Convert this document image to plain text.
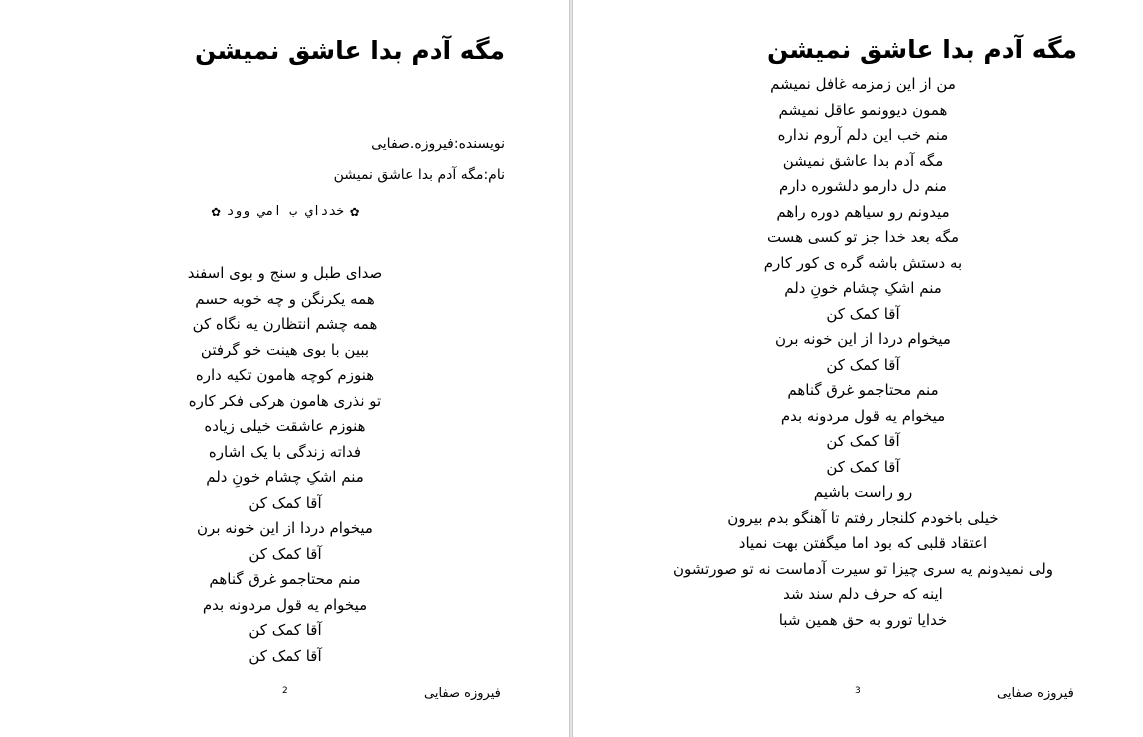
مگه آدم بدا عاشق نمیشن
نویسنده:فیروزه.صفایی
نام:مگه آدم بدا عاشق نمیشن
✿
خدداي ب امي وود
✿
صدای طبل و سنج و بوی اسفند
همه یکرنگن و چه خوبه حسم
همه چشم انتظارن یه نگاه کن
ببین با بوی هینت خو گرفتن
هنوزم کوچه هامون تکیه داره
تو نذری هامون هرکی فکر کاره
هنوزم عاشقت خیلی زیاده
فداته زندگی با یک اشاره
منم اشکِ چشام خونِ دلم
آقا کمک کن
میخوام دردا از این خونه برن
آقا کمک کن
منم محتاجمو غرق گناهم
میخوام یه قول مردونه بدم
آقا کمک کن
آقا کمک کن
فیروزه صفایی
2
مگه آدم بدا عاشق نمیشن
من از این زمزمه غافل نمیشم
همون دیوونمو عاقل نمیشم
منم خب این دلم آروم نداره
مگه آدم بدا عاشق نمیشن
منم دل دارمو دلشوره دارم
میدونم رو سیاهم دوره راهم
مگه بعد خدا جز تو کسی هست
به دستش باشه گره ی کور کارم
منم اشکِ چشام خونِ دلم
آقا کمک کن
میخوام دردا از این خونه برن
آقا کمک کن
منم محتاجمو غرق گناهم
میخوام یه قول مردونه بدم
آقا کمک کن
آقا کمک کن
رو راست باشیم
خیلی باخودم کلنجار رفتم تا آهنگو بدم بیرون
اعتقاد قلبی که بود اما میگفتن بهت نمیاد
ولی نمیدونم یه سری چیزا تو سیرت آدماست نه تو صورتشون
اینه که حرف دلم سند شد
خدایا تورو به حق همین شبا
فیروزه صفایی
3
